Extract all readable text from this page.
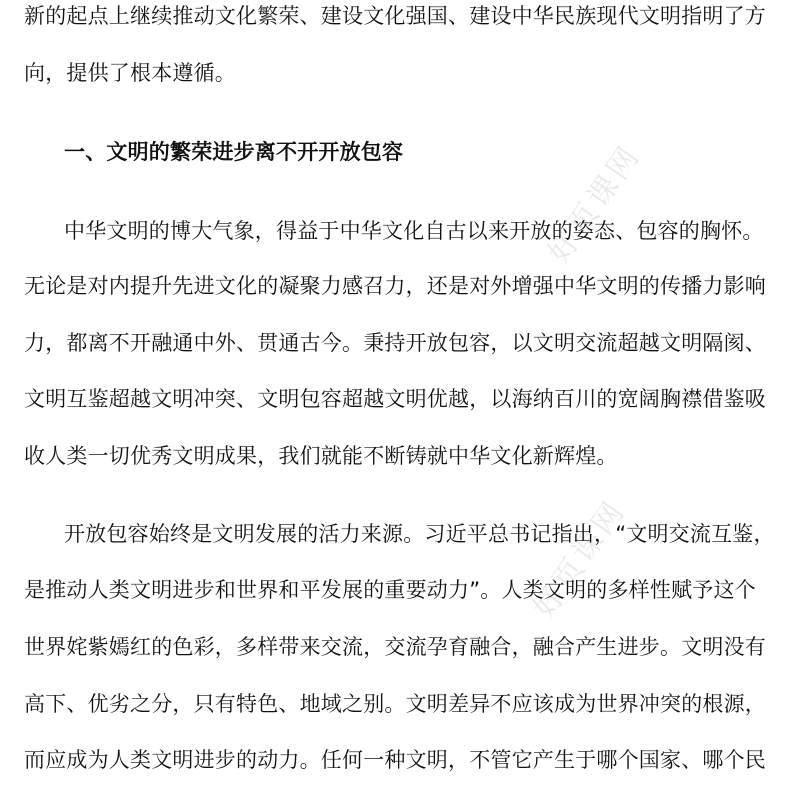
好页课网
好页课网
新的起点上继续推动文化繁荣、建设文化强国、建设中华民族现代文明指明了方
向，提供了根本遵循。
一、文明的繁荣进步离不开开放包容
中华文明的博大气象，得益于中华文化自古以来开放的姿态、包容的胸怀。
无论是对内提升先进文化的凝聚力感召力，还是对外增强中华文明的传播力影响
力，都离不开融通中外、贯通古今。秉持开放包容，以文明交流超越文明隔阂、
文明互鉴超越文明冲突、文明包容超越文明优越，以海纳百川的宽阔胸襟借鉴吸
收人类一切优秀文明成果，我们就能不断铸就中华文化新辉煌。
开放包容始终是文明发展的活力来源。习近平总书记指出，“文明交流互鉴，
是推动人类文明进步和世界和平发展的重要动力”。人类文明的多样性赋予这个
世界姹紫嫣红的色彩，多样带来交流，交流孕育融合，融合产生进步。文明没有
高下、优劣之分，只有特色、地域之别。文明差异不应该成为世界冲突的根源，
而应成为人类文明进步的动力。任何一种文明，不管它产生于哪个国家、哪个民
